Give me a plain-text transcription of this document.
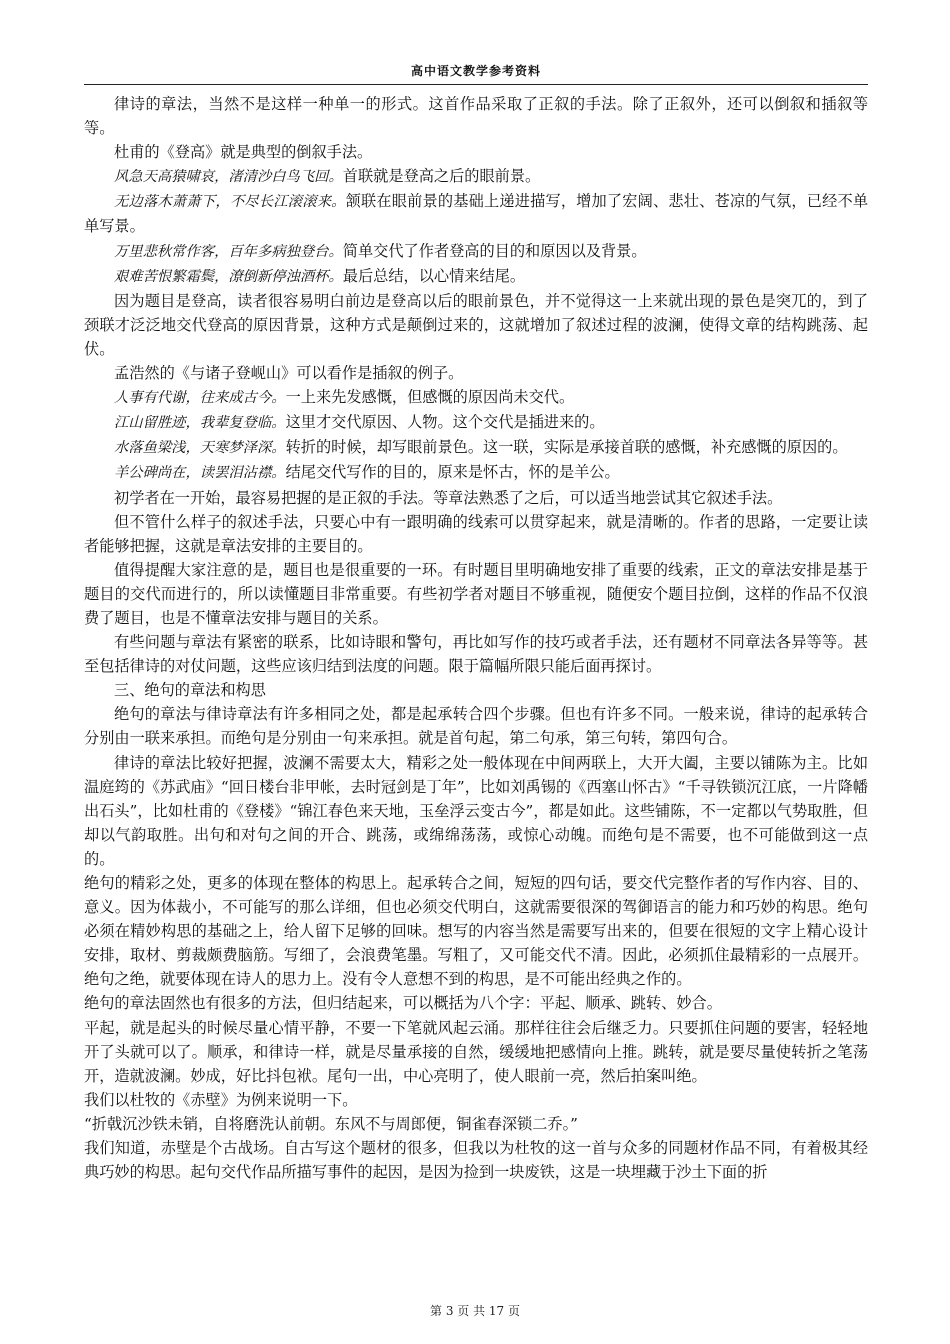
高中语文教学参考资料

律诗的章法，当然不是这样一种单一的形式。这首作品采取了正叙的手法。除了正叙外，还可以倒叙和插叙等等。

杜甫的《登高》就是典型的倒叙手法。

风急天高猿啸哀，渚清沙白鸟飞回。首联就是登高之后的眼前景。

无边落木萧萧下，不尽长江滚滚来。颔联在眼前景的基础上递进描写，增加了宏阔、悲壮、苍凉的气氛，已经不单单写景。

万里悲秋常作客，百年多病独登台。简单交代了作者登高的目的和原因以及背景。

艰难苦恨繁霜鬓，潦倒新停浊酒杯。最后总结，以心情来结尾。

因为题目是登高，读者很容易明白前边是登高以后的眼前景色，并不觉得这一上来就出现的景色是突兀的，到了颈联才泛泛地交代登高的原因背景，这种方式是颠倒过来的，这就增加了叙述过程的波澜，使得文章的结构跳荡、起伏。

孟浩然的《与诸子登岘山》可以看作是插叙的例子。

人事有代谢，往来成古今。一上来先发感慨，但感慨的原因尚未交代。

江山留胜迹，我辈复登临。这里才交代原因、人物。这个交代是插进来的。

水落鱼梁浅，天寒梦泽深。转折的时候，却写眼前景色。这一联，实际是承接首联的感慨，补充感慨的原因的。

羊公碑尚在，读罢泪沾襟。结尾交代写作的目的，原来是怀古，怀的是羊公。

初学者在一开始，最容易把握的是正叙的手法。等章法熟悉了之后，可以适当地尝试其它叙述手法。

但不管什么样子的叙述手法，只要心中有一跟明确的线索可以贯穿起来，就是清晰的。作者的思路，一定要让读者能够把握，这就是章法安排的主要目的。

值得提醒大家注意的是，题目也是很重要的一环。有时题目里明确地安排了重要的线索，正文的章法安排是基于题目的交代而进行的，所以读懂题目非常重要。有些初学者对题目不够重视，随便安个题目拉倒，这样的作品不仅浪费了题目，也是不懂章法安排与题目的关系。

有些问题与章法有紧密的联系，比如诗眼和警句，再比如写作的技巧或者手法，还有题材不同章法各异等等。甚至包括律诗的对仗问题，这些应该归结到法度的问题。限于篇幅所限只能后面再探讨。

三、绝句的章法和构思

绝句的章法与律诗章法有许多相同之处，都是起承转合四个步骤。但也有许多不同。一般来说，律诗的起承转合分别由一联来承担。而绝句是分别由一句来承担。就是首句起，第二句承，第三句转，第四句合。

律诗的章法比较好把握，波澜不需要太大，精彩之处一般体现在中间两联上，大开大阖，主要以铺陈为主。比如温庭筠的《苏武庙》“回日楼台非甲帐，去时冠剑是丁年”，比如刘禹锡的《西塞山怀古》“千寻铁锁沉江底，一片降幡出石头”，比如杜甫的《登楼》“锦江春色来天地，玉垒浮云变古今”，都是如此。这些铺陈，不一定都以气势取胜，但却以气韵取胜。出句和对句之间的开合、跳荡，或绵绵荡荡，或惊心动魄。而绝句是不需要，也不可能做到这一点的。

绝句的精彩之处，更多的体现在整体的构思上。起承转合之间，短短的四句话，要交代完整作者的写作内容、目的、意义。因为体裁小，不可能写的那么详细，但也必须交代明白，这就需要很深的驾御语言的能力和巧妙的构思。绝句必须在精妙构思的基础之上，给人留下足够的回味。想写的内容当然是需要写出来的，但要在很短的文字上精心设计安排，取材、剪裁颇费脑筋。写细了，会浪费笔墨。写粗了，又可能交代不清。因此，必须抓住最精彩的一点展开。绝句之绝，就要体现在诗人的思力上。没有令人意想不到的构思，是不可能出经典之作的。

绝句的章法固然也有很多的方法，但归结起来，可以概括为八个字：平起、顺承、跳转、妙合。

平起，就是起头的时候尽量心情平静，不要一下笔就风起云涌。那样往往会后继乏力。只要抓住问题的要害，轻轻地开了头就可以了。顺承，和律诗一样，就是尽量承接的自然，缓缓地把感情向上推。跳转，就是要尽量使转折之笔荡开，造就波澜。妙成，好比抖包袱。尾句一出，中心亮明了，使人眼前一亮，然后拍案叫绝。

我们以杜牧的《赤壁》为例来说明一下。

“折戟沉沙铁未销，自将磨洗认前朝。东风不与周郎便，铜雀春深锁二乔。”

我们知道，赤壁是个古战场。自古写这个题材的很多，但我以为杜牧的这一首与众多的同题材作品不同，有着极其经典巧妙的构思。起句交代作品所描写事件的起因，是因为捡到一块废铁，这是一块埋藏于沙土下面的折

第 3 页 共 17 页
